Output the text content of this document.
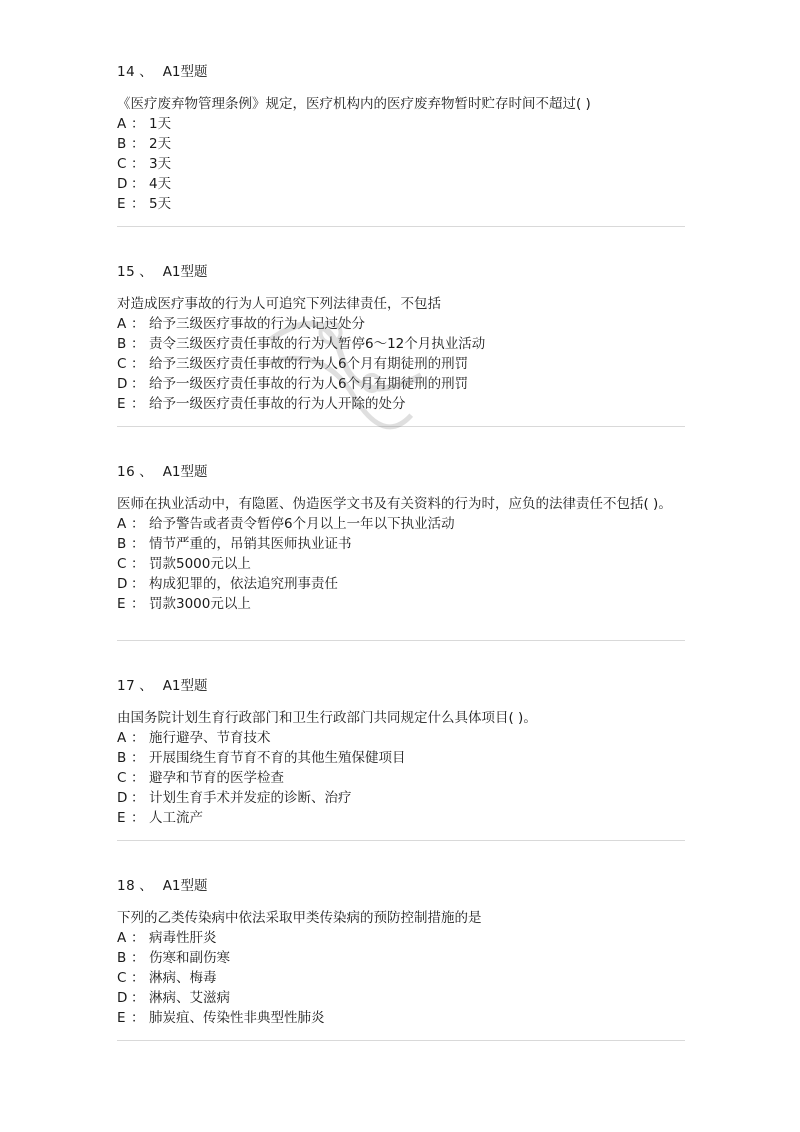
14 、 A1型题

《医疗废弃物管理条例》规定，医疗机构内的医疗废弃物暂时贮存时间不超过( )

A ： 1天

B ： 2天

C ： 3天

D ： 4天

E ： 5天

15 、 A1型题

对造成医疗事故的行为人可追究下列法律责任，不包括

A ： 给予三级医疗事故的行为人记过处分

B ： 责令三级医疗责任事故的行为人暂停6～12个月执业活动

C ： 给予三级医疗责任事故的行为人6个月有期徒刑的刑罚

D ： 给予一级医疗责任事故的行为人6个月有期徒刑的刑罚

E ： 给予一级医疗责任事故的行为人开除的处分

16 、 A1型题

医师在执业活动中，有隐匿、伪造医学文书及有关资料的行为时，应负的法律责任不包括( )。

A ： 给予警告或者责令暂停6个月以上一年以下执业活动

B ： 情节严重的，吊销其医师执业证书

C ： 罚款5000元以上

D ： 构成犯罪的，依法追究刑事责任

E ： 罚款3000元以上

17 、 A1型题

由国务院计划生育行政部门和卫生行政部门共同规定什么具体项目( )。

A ： 施行避孕、节育技术

B ： 开展围绕生育节育不育的其他生殖保健项目

C ： 避孕和节育的医学检查

D ： 计划生育手术并发症的诊断、治疗

E ： 人工流产

18 、 A1型题

下列的乙类传染病中依法采取甲类传染病的预防控制措施的是

A ： 病毒性肝炎

B ： 伤寒和副伤寒

C ： 淋病、梅毒

D ： 淋病、艾滋病

E ： 肺炭疽、传染性非典型性肺炎
